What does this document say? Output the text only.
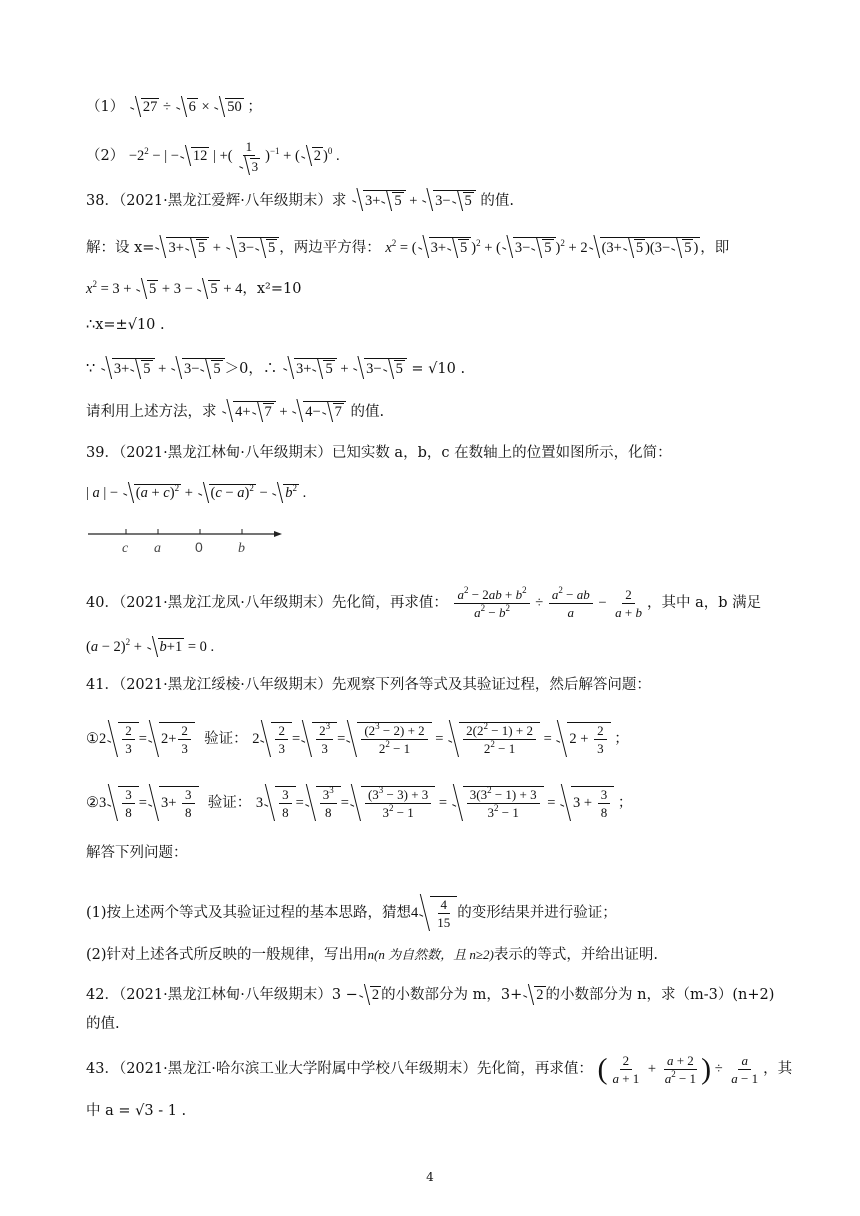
（1） 27 ÷ 6 × 50 ；
$(2) -2^2$ − | − 12 | +( $\frac{1}{3} )^{-1}$ + ( 2 )$^0$ .
38．（2021·黑龙江爱辉·八年级期末）求 3+ 5 + 3− 5 的值.
解：设 x= 3+ 5 + 3− 5 ，两边平方得： $x^2$ = ( 3+ 5 )$^2$ + ( 3− 5 )$^2$ + 2 (3+ 5 )(3− 5 ) ，即
$x^2 = 3 + 5 + 3 - 5 + 4$，x²=10
∴x=±√10 .
∵ 3+ 5 + 3− 5 ＞0，∴ 3+ 5 + 3− 5 = √10 .
请利用上述方法，求 4+ 7 + 4− 7 的值.
39．（2021·黑龙江林甸·八年级期末）已知实数 a，b，c 在数轴上的位置如图所示，化简：
| a | − $(a + c)^2 + (c - a)^2 - b^2$ .
c a 0	b
40．（2021·黑龙江龙凤·八年级期末）先化简，再求值： $\frac{a^2 - 2ab + b^2}{a^2 - b^2} \div \frac{a^2 - ab}{a} - \frac{2}{a + b}$ ，其中 a，b 满足
$(a - 2)^2 + b+1 = 0$ .
41．（2021·黑龙江绥棱·八年级期末）先观察下列各等式及其验证过程，然后解答问题：
①2 $\frac{2}{3} = 2+ \frac{2}{3}$ 验证： $2 \frac{2}{3} = \frac{2^3}{3} = \frac{(2^3 - 2) + 2}{2^2 - 1} = \frac{2(2^2 - 1) + 2}{2^2 - 1} = 2 + \frac{2}{3}$ ；
②3 $\frac{3}{8} = 3+ \frac{3}{8}$ 验证： $3 \frac{3}{8} = \frac{3^3}{8} = \frac{(3^3 - 3) + 3}{3^2 - 1} = \frac{3(3^2 - 1) + 3}{3^2 - 1} = 3 + \frac{3}{8}$ ；
解答下列问题：
(1)按上述两个等式及其验证过程的基本思路，猜想$4 \frac{4}{15}$ 的变形结果并进行验证；
(2)针对上述各式所反映的一般规律，写出用n(n 为自然数，且 n≥2)表示的等式，并给出证明.
42．（2021·黑龙江林甸·八年级期末）3 − 2 的小数部分为 m，3+ 2 的小数部分为 n，求（m-3）(n+2)
的值.
43．（2021·黑龙江·哈尔滨工业大学附属中学校八年级期末）先化简，再求值： ( $\frac{2}{a + 1} + \frac{a + 2}{a^2 - 1}$ ) ÷ $\frac{a}{a - 1}$ ，其
中 a = √3 - 1 .
4
